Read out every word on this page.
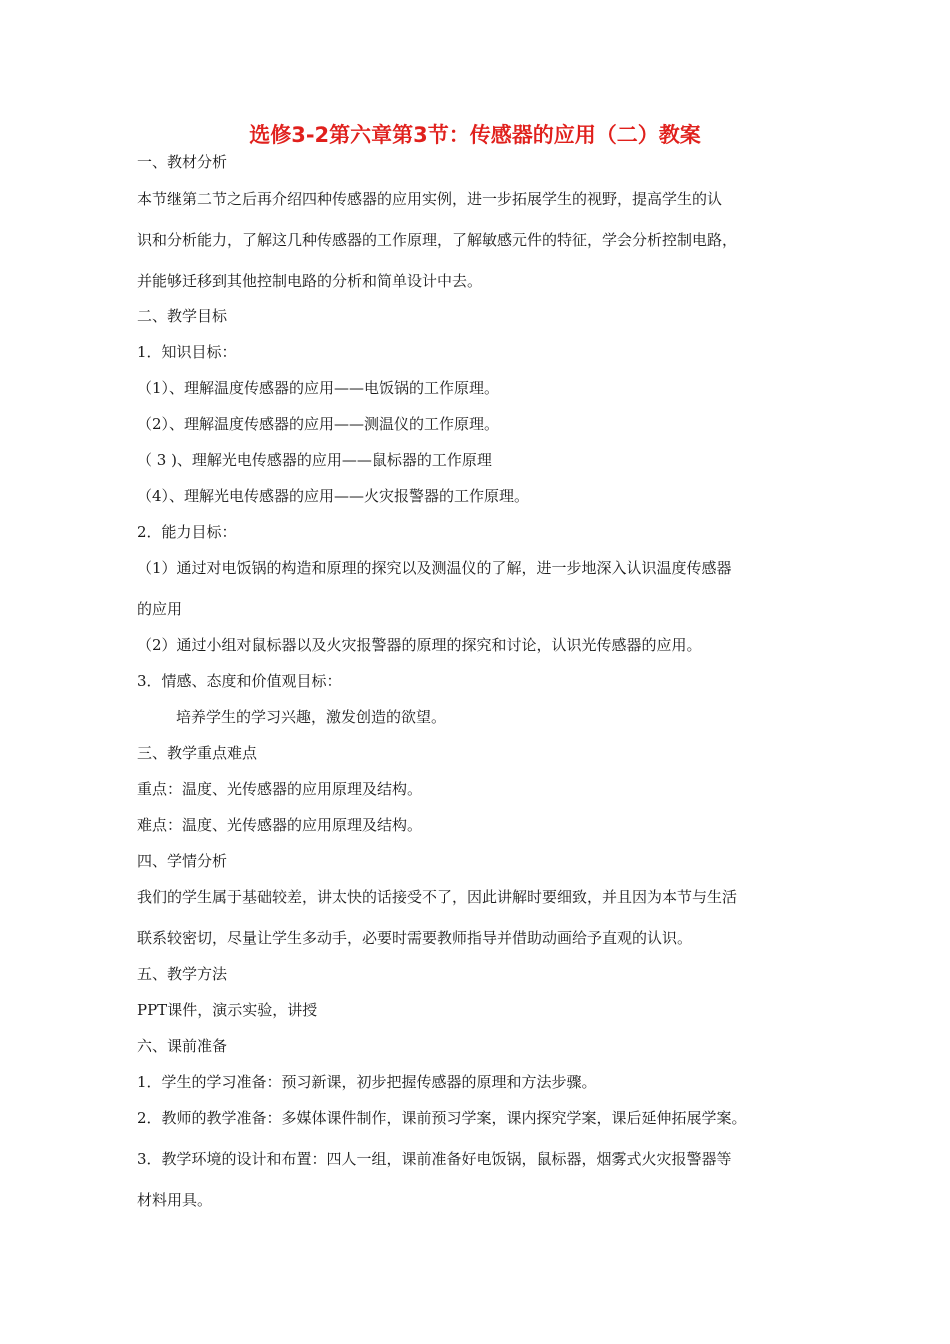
选修3-2第六章第3节：传感器的应用（二）教案
一、教材分析
本节继第二节之后再介绍四种传感器的应用实例，进一步拓展学生的视野，提高学生的认
识和分析能力，了解这几种传感器的工作原理，了解敏感元件的特征，学会分析控制电路，
并能够迁移到其他控制电路的分析和简单设计中去。
二、教学目标
1．知识目标：
（1）、理解温度传感器的应用——电饭锅的工作原理。
（2）、理解温度传感器的应用——测温仪的工作原理。
（ 3 )、理解光电传感器的应用——鼠标器的工作原理
（4）、理解光电传感器的应用——火灾报警器的工作原理。
2．能力目标：
（1）通过对电饭锅的构造和原理的探究以及测温仪的了解，进一步地深入认识温度传感器
的应用
（2）通过小组对鼠标器以及火灾报警器的原理的探究和讨论，认识光传感器的应用。
3．情感、态度和价值观目标：
培养学生的学习兴趣，激发创造的欲望。
三、教学重点难点
重点：温度、光传感器的应用原理及结构。
难点：温度、光传感器的应用原理及结构。
四、学情分析
我们的学生属于基础较差，讲太快的话接受不了，因此讲解时要细致，并且因为本节与生活
联系较密切，尽量让学生多动手，必要时需要教师指导并借助动画给予直观的认识。
五、教学方法
PPT课件，演示实验，讲授
六、课前准备
1．学生的学习准备：预习新课，初步把握传感器的原理和方法步骤。
2．教师的教学准备：多媒体课件制作，课前预习学案，课内探究学案，课后延伸拓展学案。
3．教学环境的设计和布置：四人一组，课前准备好电饭锅，鼠标器，烟雾式火灾报警器等
材料用具。
